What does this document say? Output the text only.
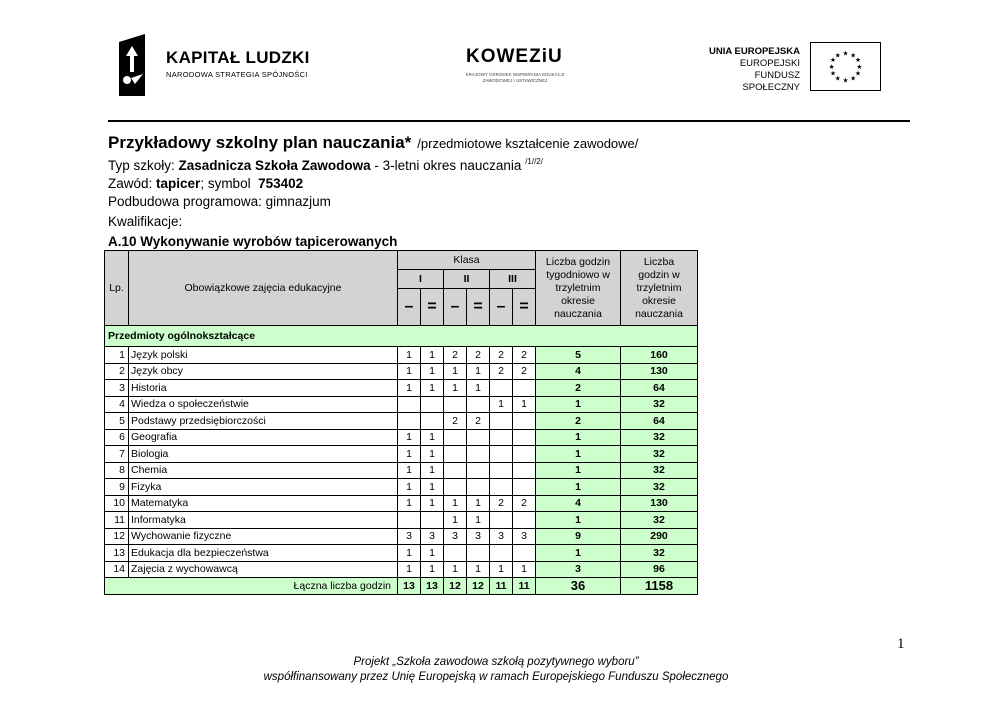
KAPITAŁ LUDZKI
NARODOWA STRATEGIA SPÓJNOŚCI
KOWEZiU
KRAJOWY OŚRODEK WSPIERANIA EDUKACJI ZAWODOWEJ I USTAWICZNEJ
UNIA EUROPEJSKA
EUROPEJSKI
FUNDUSZ SPOŁECZNY
★ ★
★
★
★
★
★
★
★
★
★
★
Przykładowy szkolny plan nauczania* /przedmiotowe kształcenie zawodowe/
Typ szkoły: Zasadnicza Szkoła Zawodowa - 3-letni okres nauczania $^{/1//2/}$
Zawód: tapicer; symbol  753402
Podbudowa programowa: gimnazjum
Kwalifikacje:
A.10 Wykonywanie wyrobów tapicerowanych
Lp.	Obowiązkowe zajęcia edukacyjne	Klasa						Liczba godzin tygodniowo w trzyletnim okresie nauczania	Liczba godzin w trzyletnim okresie nauczania
		I		II		III			
		–	=	–	=	–	=		
Przedmioty ogólnokształcące									
1	Język polski	1	1	2	2	2	2	5	160
2	Język obcy	1	1	1	1	2	2	4	130
3	Historia	1	1	1	1			2	64
4	Wiedza o społeczeństwie					1	1	1	32
5	Podstawy przedsiębiorczości			2	2			2	64
6	Geografia	1	1					1	32
7	Biologia	1	1					1	32
8	Chemia	1	1					1	32
9	Fizyka	1	1					1	32
10	Matematyka	1	1	1	1	2	2	4	130
11	Informatyka			1	1			1	32
12	Wychowanie fizyczne	3	3	3	3	3	3	9	290
13	Edukacja dla bezpieczeństwa	1	1					1	32
14	Zajęcia z wychowawcą	1	1	1	1	1	1	3	96
Łączna liczba godzin		13	13	12	12	11	11	36	1158
1
Projekt „Szkoła zawodowa szkołą pozytywnego wyboru”
współfinansowany przez Unię Europejską w ramach Europejskiego Funduszu Społecznego
